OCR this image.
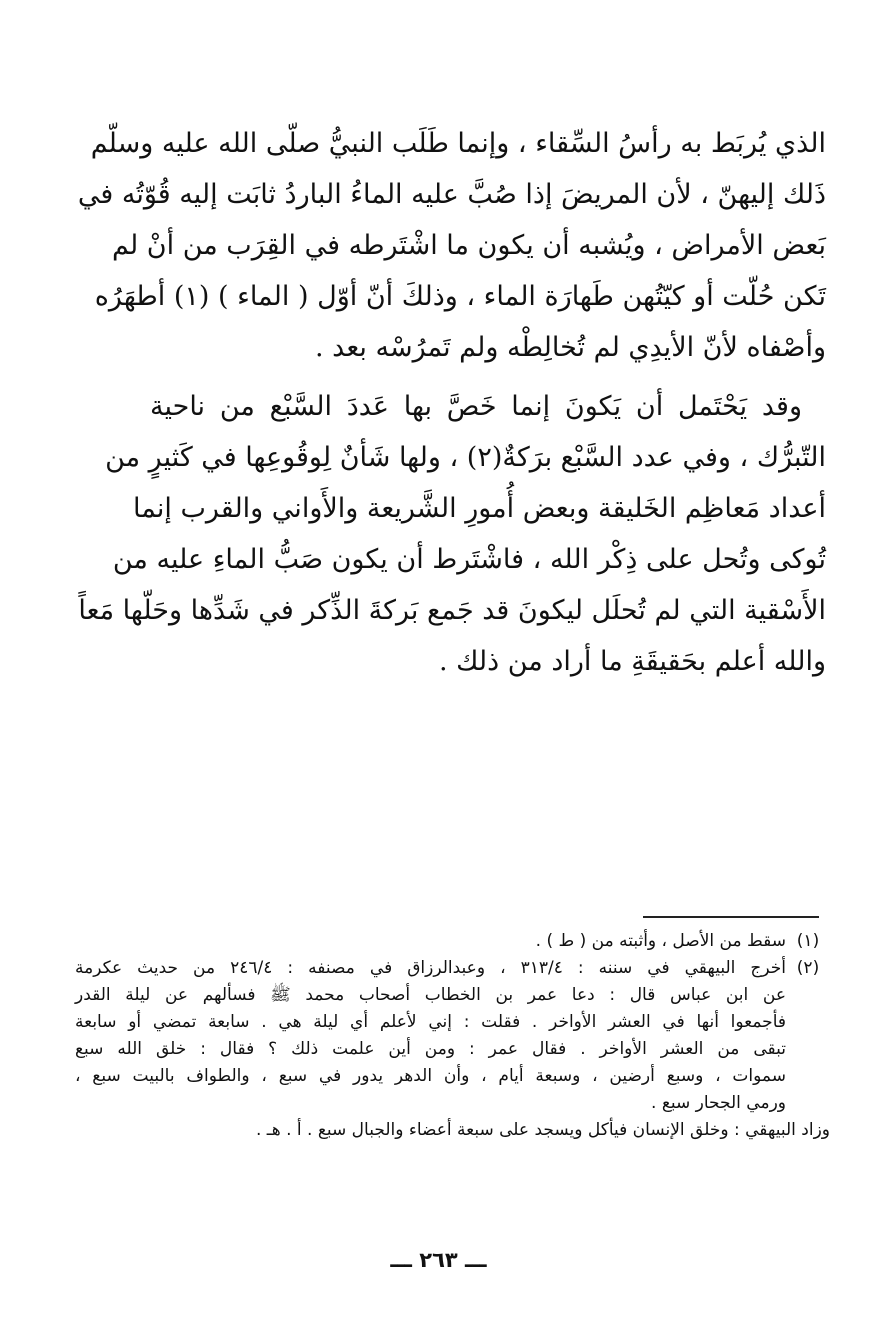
الذي يُربَط به رأسُ السِّقاء ، وإنما طَلَب النبيُّ صلّى الله عليه وسلّم
ذَلك إليهنّ ، لأن المريضَ إذا صُبَّ عليه الماءُ الباردُ ثابَت إليه قُوّتُه في
بَعض الأمراض ، ويُشبه أن يكون ما اشْتَرطه في القِرَب من أنْ لم
تَكن حُلّت أو كيّتُهن طَهارَة الماء ، وذلكَ أنّ أوّل ( الماء ) (١) أطهَرُه
وأصْفاه لأنّ الأيدِي لم تُخالِطْه ولم تَمرُسْه بعد .
وقد يَحْتَمل أن يَكونَ إنما خَصَّ بها عَددَ السَّبْع من ناحية
التّبرُّك ، وفي عدد السَّبْع برَكةٌ(٢) ، ولها شَأنٌ لِوقُوعِها في كَثيرٍ من
أعداد مَعاظِم الخَليقة وبعض أُمورِ الشَّريعة والأَواني والقرب إنما
تُوكى وتُحل على ذِكْر الله ، فاشْتَرط أن يكون صَبُّ الماءِ عليه من
الأَسْقية التي لم تُحلَل ليكونَ قد جَمع بَركةَ الذِّكر في شَدِّها وحَلّها مَعاً
والله أعلم بحَقيقَةِ ما أراد من ذلك .
(١)
سقط من الأصل ، وأثبته من ( ط ) .
(٢)
أخرج البيهقي في سننه : ٣١٣/٤ ، وعبدالرزاق في مصنفه : ٢٤٦/٤ من حديث عكرمة
عن ابن عباس قال : دعا عمر بن الخطاب أصحاب محمد ﷺ فسألهم عن ليلة القدر
فأجمعوا أنها في العشر الأواخر . فقلت : إني لأعلم أي ليلة هي . سابعة تمضي أو سابعة
تبقى من العشر الأواخر . فقال عمر : ومن أين علمت ذلك ؟ فقال : خلق الله سبع
سموات ، وسبع أرضين ، وسبعة أيام ، وأن الدهر يدور في سبع ، والطواف بالبيت سبع ،
ورمي الجحار سبع .
وزاد البيهقي : وخلق الإنسان فيأكل ويسجد على سبعة أعضاء والجبال سبع . أ . هـ .
ـــ ٢٦٣ ـــ
